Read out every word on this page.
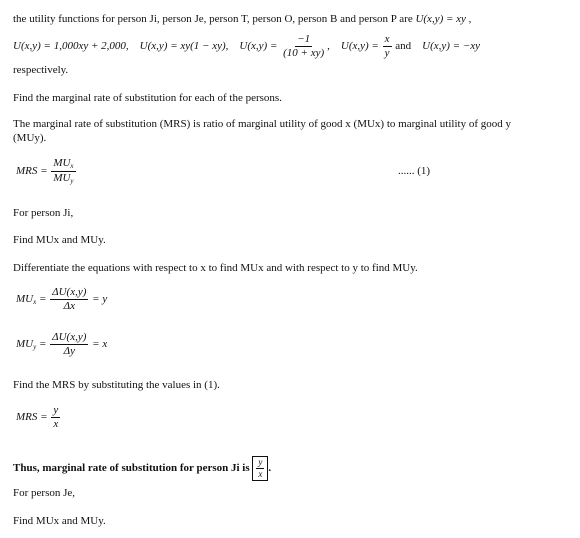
the utility functions for person Ji, person Je, person T, person O, person B and person P are U(x,y) = xy ,
U(x,y) = 1,000xy + 2,000, U(x,y) = xy(1 − xy), $U(x,y) = \frac{-1}{(10 + xy)}$ ,    $U(x,y) = \frac{x}{y}$ and U(x,y) = −xy
respectively.
Find the marginal rate of substitution for each of the persons.
The marginal rate of substitution (MRS) is ratio of marginal utility of good x (MUx) to marginal utility of good y
(MUy).
MRS = $\frac{MU_x}{MU_y}$	...... (1)
For person Ji,
Find MUx and MUy.
Differentiate the equations with respect to x to find MUx and with respect to y to find MUy.
$MU_x = \frac{\Delta U(x,y)}{\Delta x} = y$
$MU_y = \frac{\Delta U(x,y)}{\Delta y} = x$
Find the MRS by substituting the values in (1).
MRS = $\frac{y}{x}$
Thus, marginal rate of substitution for person Ji is $\frac{y}{x}$ .
For person Je,
Find MUx and MUy.
